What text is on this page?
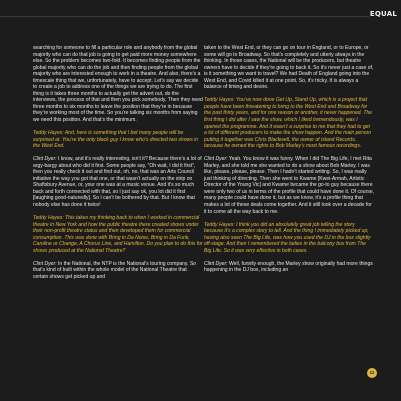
EQUAL

searching for someone to fill a particular role and anybody from the global majority who can do that job is going to get paid more money somewhere else. So the problem becomes two-fold. It becomes finding people from the global majority who can do the job and then finding people from the global majority who are interested enough to work in a theatre. And also, there’s a timescale thing that we, unfortunately, have to accept. Let’s say we decide to create a job to address one of the things we are trying to do. The first thing is it takes three months to actually get the advert out, do the interviews, the process of that and then you pick somebody. Then they need three months to six months to leave the position that they’re in because they’re working most of the time. So you’re talking six months from saying we need this position. And that’s the minimum.

Teddy Hayes: And, here is something that I bet many people will be surprised at. You’re the only black guy I know who’s directed two shows in the West End.

Clint Dyer: I know, and it’s really interesting, isn’t it? Because there’s a lot of argy-bargy about who did it first. Some people say, “Oh wait, I did it first”, then you really check it out and find out, oh, no, that was an Arts Council initiative the way you got that one, or that wasn’t actually on the strip on Shaftsbury Avenue, or, your one was at a music venue. And it’s so much back and forth connected with that, so I just say ok, you lot did it first [laughing good-naturedly]. So I can’t be bothered by that. But I know that nobody else has done it twice!

Teddy Hayes: This takes my thinking back to when I worked in commercial theatre in New York and how the public theatre there created shows under their non-profit theatre status and then developed them for commercial consumption. This was done with Bring in Da Noise, Bring in Da Funk, Caroline or Change, A Chorus Line, and Hamilton. Do you plan to do this for shows produced at the National Theatre?

Clint Dyer: In the National, the NTP is the National’s touring company. So that’s kind of built within the whole model of the National Theatre that certain shows get picked up and

taken to the West End, or they can go on tour in England, or to Europe, or some will go to Broadway. So that’s completely and utterly always in the thinking. In those cases, the National will be the producers, but theatre owners have to decide if they’re going to back it. So it’s never just a case of, is it something we want to travel? We had Death of England going into the West End, and Covid killed it at one point. So, it’s tricky. It is always a balance of timing and desire.

Teddy Hayes: You’ve now done Get Up, Stand Up, which is a project that people have been threatening to bring to the West End and Broadway for the past thirty years, and for one reason or another, it never happened. The first thing I did after I saw the show, which I liked tremendously, was I opened the programme. And it wasn’t a surprise to me that they had to get a lot of different producers to make the show happen. And the main person putting it together was Chris Blackwell, the owner of Island Records, because he owned the rights to Bob Marley’s most famous recordings.

Clint Dyer: Yeah. You know it was funny. When I did The Big Life, I met Rita Marley, and she told me she wanted to do a show about Bob Marley. I was like, please, please, please. Then I hadn’t started writing. So, I was really just thinking of directing. Then she went to Kwame [Kwei-Armah, Artistic Director of the Young Vic] and Kwame became the go-to guy because there were only two of us in terms of the profile that could have done it. Of course, many people could have done it, but as we know, it’s a profile thing that makes a lot of these deals come together. And it still took over a decade for it to come all the way back to me.

Teddy Hayes: I think you did an absolutely great job telling the story because it’s a complex story to tell. And the thing I immediately picked up, having also seen The Big Life, was how you used the DJ in the box slightly off-stage. And then I remembered the ladies in the balcony box from The Big Life. So it was very effective in both cases.

Clint Dyer: Well, funnily enough, the Marley show originally had more things happening in the DJ box, including an

11
